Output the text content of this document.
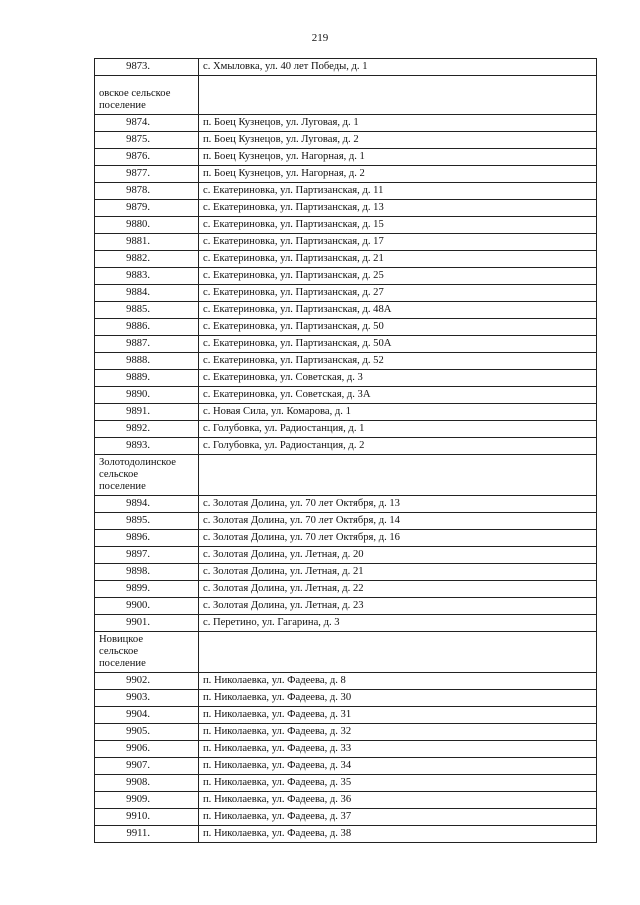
219
9873.	с. Хмыловка, ул. 40 лет Победы, д. 1

овское сельское
поселение	

9874.	п. Боец Кузнецов, ул. Луговая, д. 1
9875.	п. Боец Кузнецов, ул. Луговая, д. 2
9876.	п. Боец Кузнецов, ул. Нагорная, д. 1
9877.	п. Боец Кузнецов, ул. Нагорная, д. 2
9878.	с. Екатериновка, ул. Партизанская, д. 11
9879.	с. Екатериновка, ул. Партизанская, д. 13
9880.	с. Екатериновка, ул. Партизанская, д. 15
9881.	с. Екатериновка, ул. Партизанская, д. 17
9882.	с. Екатериновка, ул. Партизанская, д. 21
9883.	с. Екатериновка, ул. Партизанская, д. 25
9884.	с. Екатериновка, ул. Партизанская, д. 27
9885.	с. Екатериновка, ул. Партизанская, д. 48А
9886.	с. Екатериновка, ул. Партизанская, д. 50
9887.	с. Екатериновка, ул. Партизанская, д. 50А
9888.	с. Екатериновка, ул. Партизанская, д. 52
9889.	с. Екатериновка, ул. Советская, д. 3
9890.	с. Екатериновка, ул. Советская, д. 3А
9891.	с. Новая Сила, ул. Комарова, д. 1
9892.	с. Голубовка, ул. Радиостанция, д. 1
9893.	с. Голубовка, ул. Радиостанция, д. 2

Золотодолинское
сельское
поселение	

9894.	с. Золотая Долина, ул. 70 лет Октября, д. 13
9895.	с. Золотая Долина, ул. 70 лет Октября, д. 14
9896.	с. Золотая Долина, ул. 70 лет Октября, д. 16
9897.	с. Золотая Долина, ул. Летная, д. 20
9898.	с. Золотая Долина, ул. Летная, д. 21
9899.	с. Золотая Долина, ул. Летная, д. 22
9900.	с. Золотая Долина, ул. Летная, д. 23
9901.	с. Перетино, ул. Гагарина, д. 3

Новицкое
сельское
поселение	

9902.	п. Николаевка, ул. Фадеева, д. 8
9903.	п. Николаевка, ул. Фадеева, д. 30
9904.	п. Николаевка, ул. Фадеева, д. 31
9905.	п. Николаевка, ул. Фадеева, д. 32
9906.	п. Николаевка, ул. Фадеева, д. 33
9907.	п. Николаевка, ул. Фадеева, д. 34
9908.	п. Николаевка, ул. Фадеева, д. 35
9909.	п. Николаевка, ул. Фадеева, д. 36
9910.	п. Николаевка, ул. Фадеева, д. 37
9911.	п. Николаевка, ул. Фадеева, д. 38
